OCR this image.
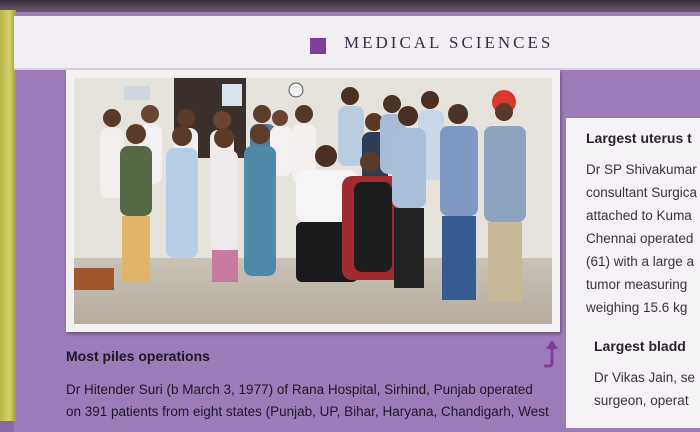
MEDICAL SCIENCES
Largest uterus t
Dr SP Shivakumar
consultant Surgica
attached to Kuma
Chennai operated
(61) with a large a
tumor measuring
weighing 15.6 kg
Largest bladd
Dr Vikas Jain, se
surgeon, operat
Most piles operations
Dr Hitender Suri (b March 3, 1977) of Rana Hospital, Sirhind, Punjab operated
on 391 patients from eight states (Punjab, UP, Bihar, Haryana, Chandigarh, West
